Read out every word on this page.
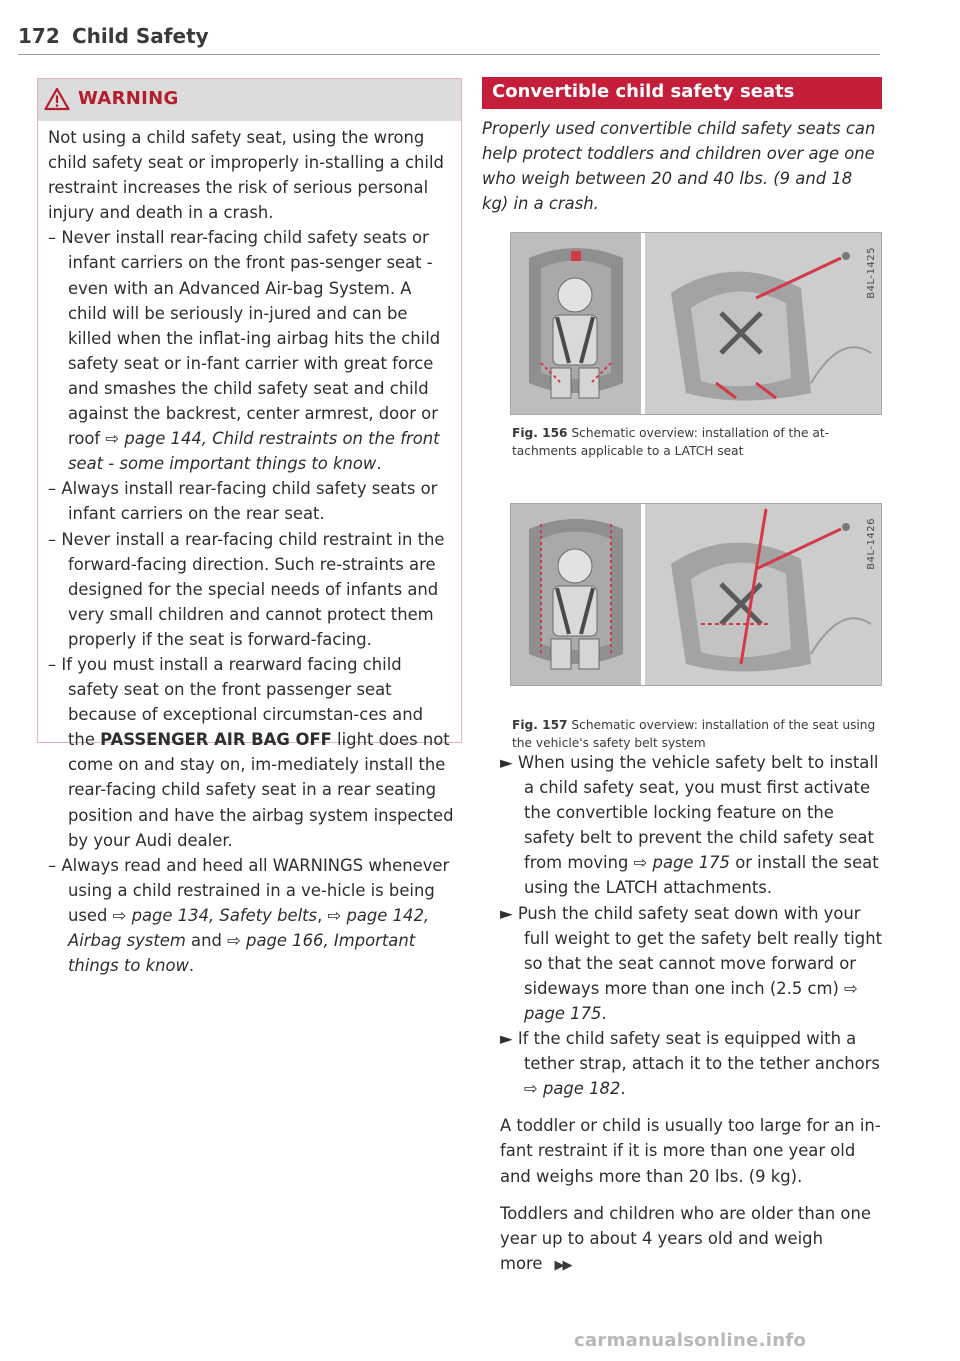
172 Child Safety
WARNING

Not using a child safety seat, using the wrong child safety seat or improperly in-stalling a child restraint increases the risk of serious personal injury and death in a crash.

– Never install rear-facing child safety seats or infant carriers on the front pas-senger seat - even with an Advanced Air-bag System. A child will be seriously in-jured and can be killed when the inflat-ing airbag hits the child safety seat or in-fant carrier with great force and smashes the child safety seat and child against the backrest, center armrest, door or roof ⇨ page 144, Child restraints on the front seat - some important things to know.

– Always install rear-facing child safety seats or infant carriers on the rear seat.

– Never install a rear-facing child restraint in the forward-facing direction. Such re-straints are designed for the special needs of infants and very small children and cannot protect them properly if the seat is forward-facing.

– If you must install a rearward facing child safety seat on the front passenger seat because of exceptional circumstan-ces and the PASSENGER AIR BAG OFF light does not come on and stay on, im-mediately install the rear-facing child safety seat in a rear seating position and have the airbag system inspected by your Audi dealer.

– Always read and heed all WARNINGS whenever using a child restrained in a ve-hicle is being used ⇨ page 134, Safety belts, ⇨ page 142, Airbag system and ⇨ page 166, Important things to know.

Convertible child safety seats

Properly used convertible child safety seats can help protect toddlers and children over age one who weigh between 20 and 40 lbs. (9 and 18 kg) in a crash.

B4L-1425

Fig. 156 Schematic overview: installation of the at-tachments applicable to a LATCH seat

B4L-1426

Fig. 157 Schematic overview: installation of the seat using the vehicle's safety belt system

► When using the vehicle safety belt to install a child safety seat, you must first activate the convertible locking feature on the safety belt to prevent the child safety seat from moving ⇨ page 175 or install the seat using the LATCH attachments.

► Push the child safety seat down with your full weight to get the safety belt really tight so that the seat cannot move forward or sideways more than one inch (2.5 cm) ⇨ page 175.

► If the child safety seat is equipped with a tether strap, attach it to the tether anchors ⇨ page 182.

A toddler or child is usually too large for an in-fant restraint if it is more than one year old and weighs more than 20 lbs. (9 kg).

Toddlers and children who are older than one year up to about 4 years old and weigh more ▶▶

carmanualsonline.info
